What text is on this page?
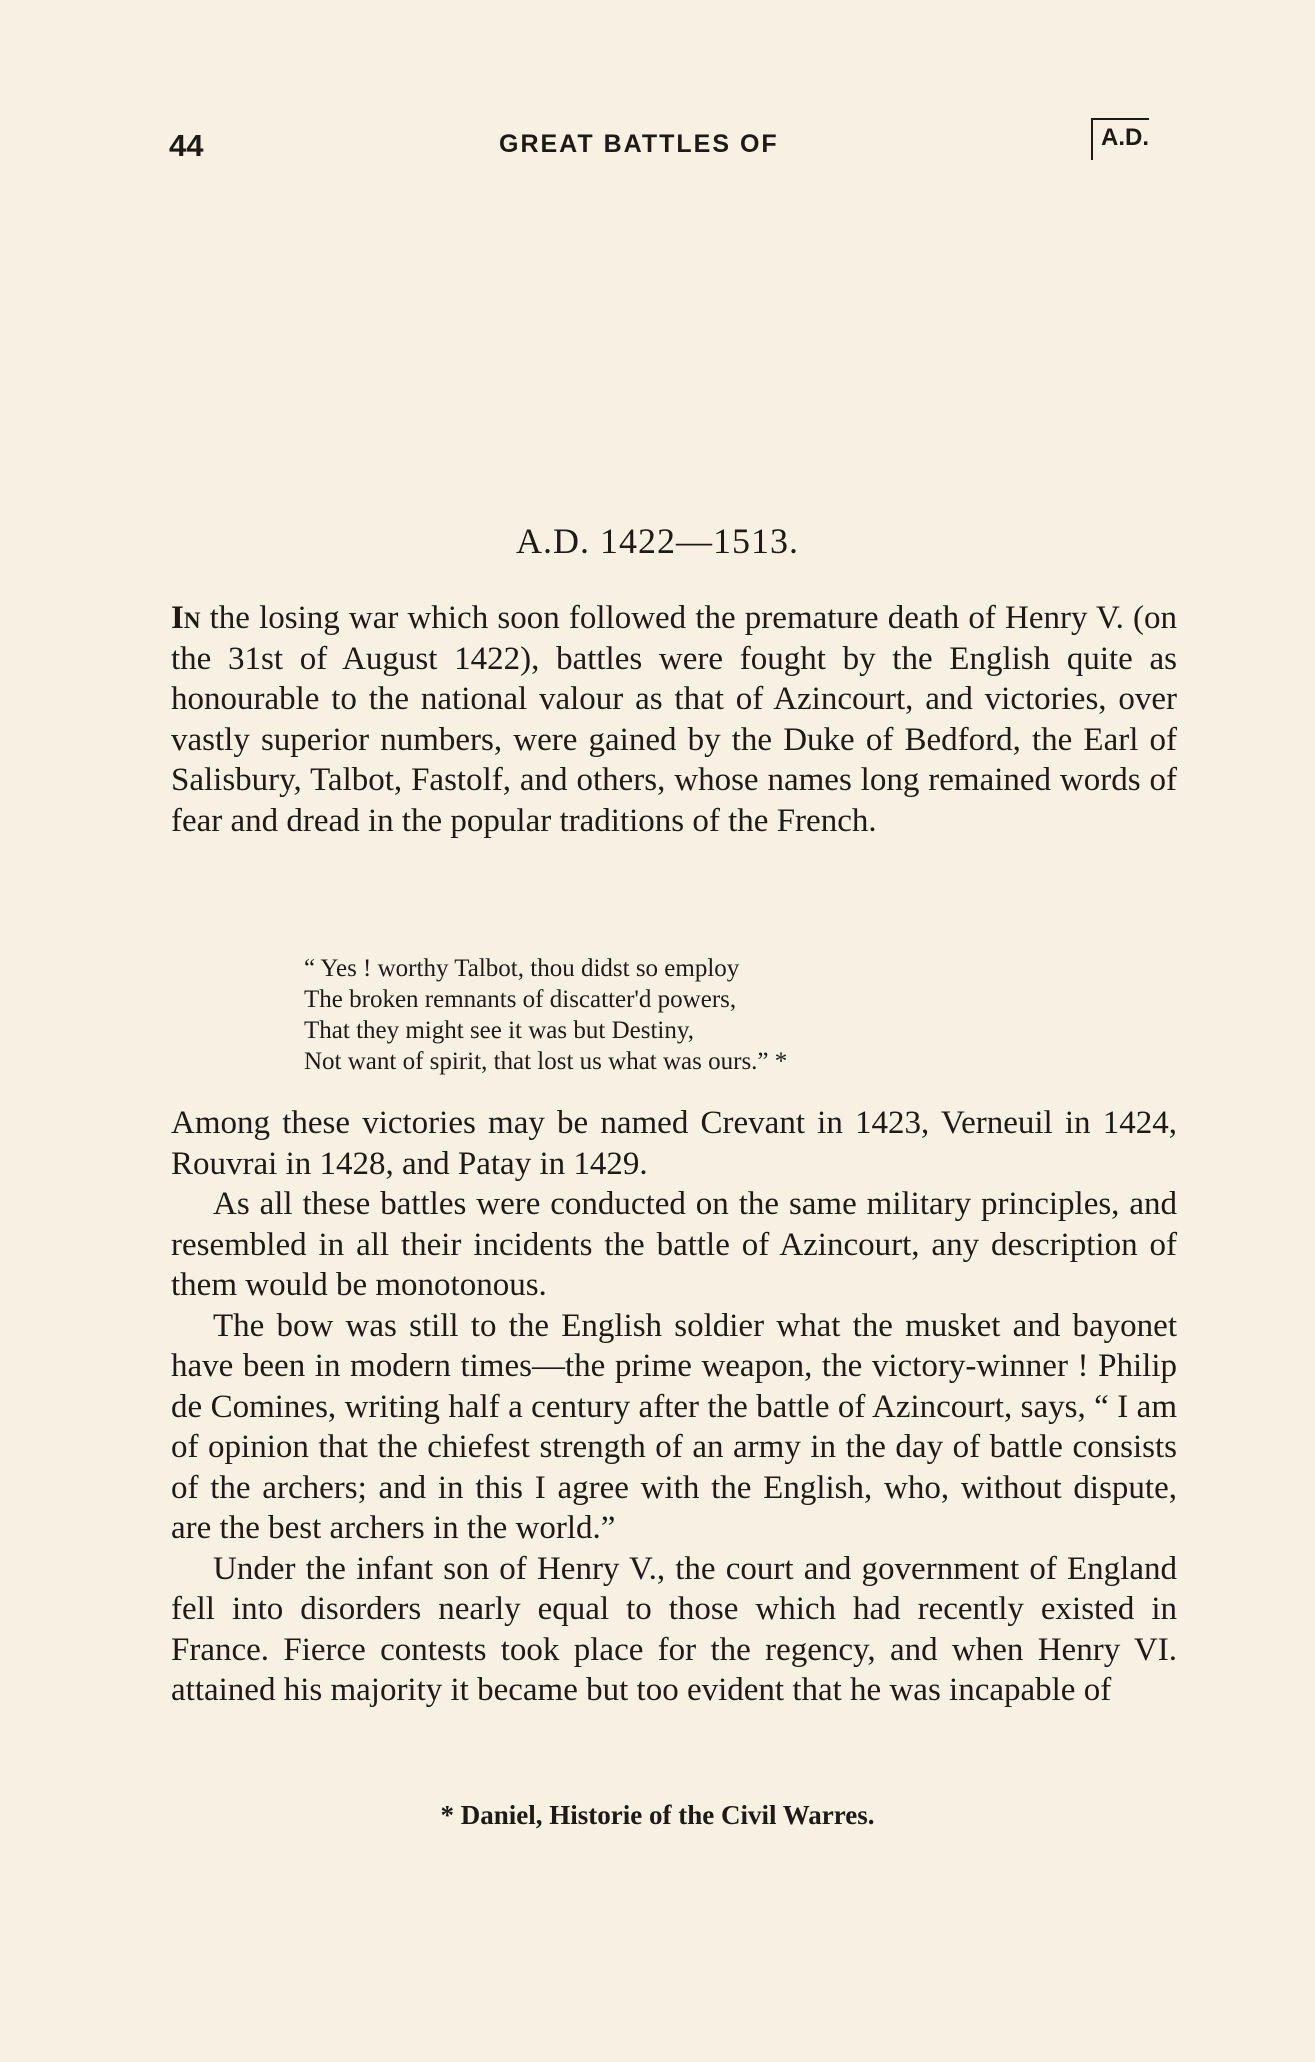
44	GREAT BATTLES OF	A.D.
A.D. 1422—1513.

In the losing war which soon followed the premature death of Henry V. (on the 31st of August 1422), battles were fought by the English quite as honourable to the national valour as that of Azincourt, and victories, over vastly superior numbers, were gained by the Duke of Bedford, the Earl of Salisbury, Talbot, Fastolf, and others, whose names long remained words of fear and dread in the popular traditions of the French.

“ Yes ! worthy Talbot, thou didst so employ
The broken remnants of discatter'd powers,
That they might see it was but Destiny,
Not want of spirit, that lost us what was ours.” *

Among these victories may be named Crevant in 1423, Verneuil in 1424, Rouvrai in 1428, and Patay in 1429.

As all these battles were conducted on the same military principles, and resembled in all their incidents the battle of Azincourt, any description of them would be monotonous.

The bow was still to the English soldier what the musket and bayonet have been in modern times—the prime weapon, the victory-winner ! Philip de Comines, writing half a century after the battle of Azincourt, says, “ I am of opinion that the chiefest strength of an army in the day of battle consists of the archers; and in this I agree with the English, who, without dispute, are the best archers in the world.”

Under the infant son of Henry V., the court and government of England fell into disorders nearly equal to those which had recently existed in France. Fierce contests took place for the regency, and when Henry VI. attained his majority it became but too evident that he was incapable of

* Daniel, Historie of the Civil Warres.
